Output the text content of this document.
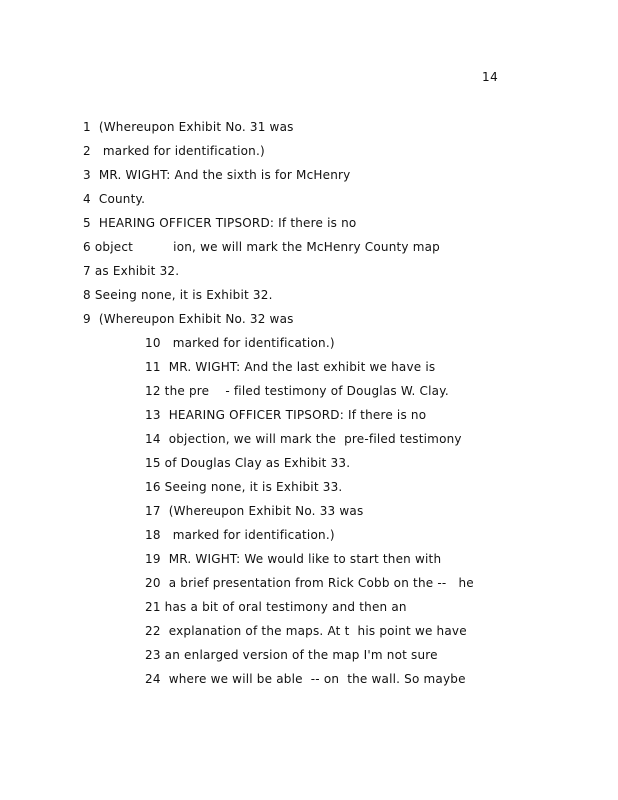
14
1  (Whereupon Exhibit No. 31 was
2   marked for identification.)
3  MR. WIGHT: And the sixth is for McHenry
4  County.
5  HEARING OFFICER TIPSORD: If there is no
6 object          ion, we will mark the McHenry County map
7 as Exhibit 32.
8 Seeing none, it is Exhibit 32.
9  (Whereupon Exhibit No. 32 was
10   marked for identification.)
11  MR. WIGHT: And the last exhibit we have is
12 the pre    - filed testimony of Douglas W. Clay.
13  HEARING OFFICER TIPSORD: If there is no
14  objection, we will mark the  pre-filed testimony
15 of Douglas Clay as Exhibit 33.
16 Seeing none, it is Exhibit 33.
17  (Whereupon Exhibit No. 33 was
18   marked for identification.)
19  MR. WIGHT: We would like to start then with
20  a brief presentation from Rick Cobb on the --   he
21 has a bit of oral testimony and then an
22  explanation of the maps. At t  his point we have
23 an enlarged version of the map I'm not sure
24  where we will be able  -- on  the wall. So maybe
